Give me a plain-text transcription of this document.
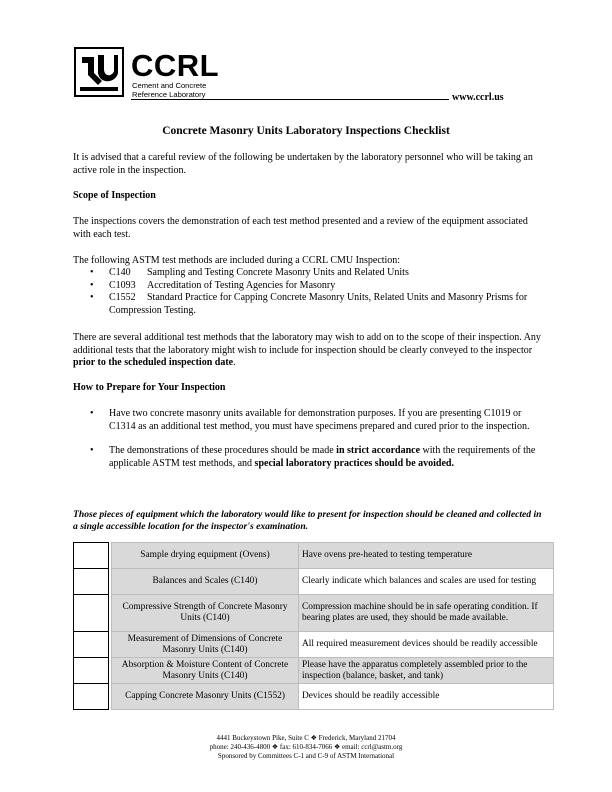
CCRL
Cement and Concrete
Reference Laboratory	www.ccrl.us
Concrete Masonry Units Laboratory Inspections Checklist
It is advised that a careful review of the following be undertaken by the laboratory personnel who will be taking an active role in the inspection.
Scope of Inspection
The inspections covers the demonstration of each test method presented and a review of the equipment associated with each test.
The following ASTM test methods are included during a CCRL CMU Inspection:
• C140 Sampling and Testing Concrete Masonry Units and Related Units
• C1093 Accreditation of Testing Agencies for Masonry
• C1552 Standard Practice for Capping Concrete Masonry Units, Related Units and Masonry Prisms for Compression Testing.
There are several additional test methods that the laboratory may wish to add on to the scope of their inspection. Any additional tests that the laboratory might wish to include for inspection should be clearly conveyed to the inspector prior to the scheduled inspection date.
How to Prepare for Your Inspection
• Have two concrete masonry units available for demonstration purposes. If you are presenting C1019 or C1314 as an additional test method, you must have specimens prepared and cured prior to the inspection.
• The demonstrations of these procedures should be made in strict accordance with the requirements of the applicable ASTM test methods, and special laboratory practices should be avoided.
Those pieces of equipment which the laboratory would like to present for inspection should be cleaned and collected in a single accessible location for the inspector's examination.
		Sample drying equipment (Ovens)	Have ovens pre-heated to testing temperature
		Balances and Scales (C140)	Clearly indicate which balances and scales are used for testing
		Compressive Strength of Concrete Masonry Units (C140)	Compression machine should be in safe operating condition. If bearing plates are used, they should be made available.
		Measurement of Dimensions of Concrete Masonry Units (C140)	All required measurement devices should be readily accessible
		Absorption & Moisture Content of Concrete Masonry Units (C140)	Please have the apparatus completely assembled prior to the inspection (balance, basket, and tank)
		Capping Concrete Masonry Units (C1552)	Devices should be readily accessible
4441 Buckeystown Pike, Suite C ❖ Frederick, Maryland 21704
phone: 240-436-4800 ❖ fax: 610-834-7066 ❖ email: ccrl@astm.org
Sponsored by Committees C-1 and C-9 of ASTM International
